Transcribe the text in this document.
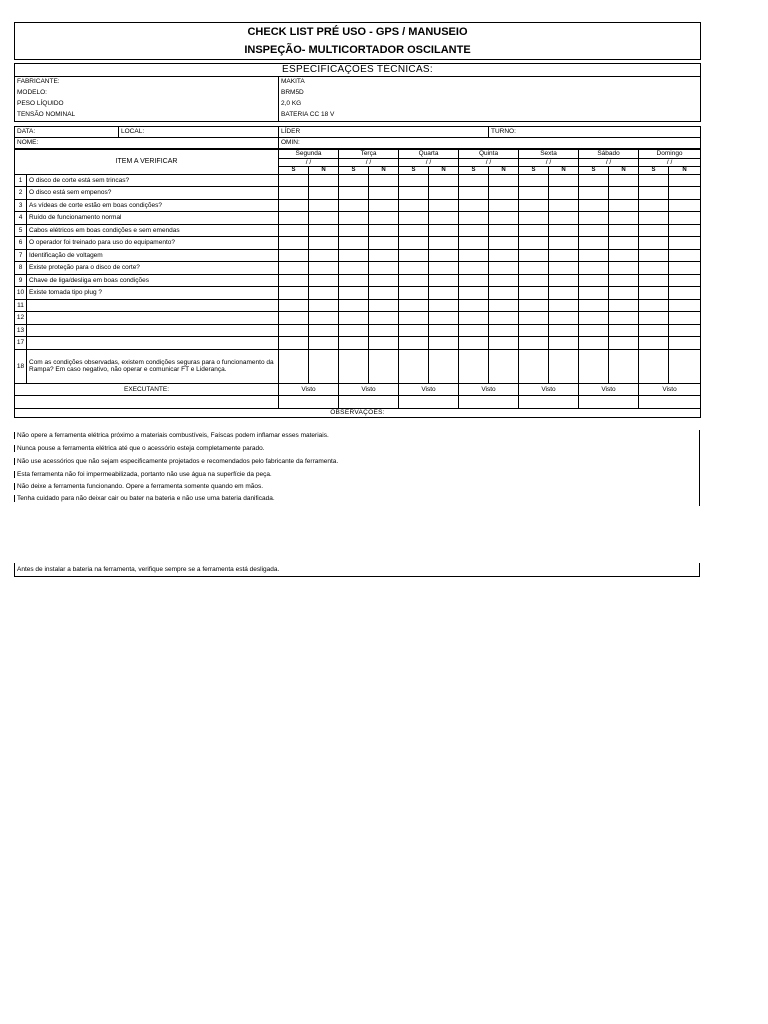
CHECK LIST PRÉ USO - GPS / MANUSEIO
INSPEÇÃO- MULTICORTADOR OSCILANTE
ESPECIFICAÇÕES TÉCNICAS:	
FABRICANTE:	MAKITA
MODELO:	BRM5D
PESO LÍQUIDO	2,0 KG
TENSÃO NOMINAL	BATERIA CC 18 V
DATA:	LOCAL:	LÍDER	TURNO:
NOME:		OMIN:	
ITEM A VERIFICAR		Segunda		Terça		Quarta		Quinta		Sexta		Sábado		Domingo	
		/ /		/ /		/ /		/ /		/ /		/ /		/ /	
		S	N	S	N	S	N	S	N	S	N	S	N	S	N
1	O disco de corte está sem trincas?														
2	O disco está sem empenos?														
3	As vídeas de corte estão em boas condições?														
4	Ruído de funcionamento normal														
5	Cabos elétricos em boas condições e sem emendas														
6	O operador foi treinado para uso do equipamento?														
7	Identificação de voltagem														
8	Existe proteção para o disco de corte?														
9	Chave de liga/desliga em boas condições														
10	Existe tomada tipo plug ?														
11															
12															
13															
17															
18	Com as condições observadas, existem condições seguras para o funcionamento da Rampa? Em caso negativo, não operar e comunicar FT e Liderança.														
EXECUTANTE:		Visto		Visto		Visto		Visto		Visto		Visto		Visto	

OBSERVAÇÕES:															
Não opere a ferramenta elétrica próximo a materiais combustíveis, Faíscas podem inflamar esses materiais.
Nunca pouse a ferramenta elétrica até que o acessório esteja completamente parado.
Não use acessórios que não sejam especificamente projetados e recomendados pelo fabricante da ferramenta.
Esta ferramenta não foi impermeabilizada, portanto não use água na superfície da peça.
Não deixe a ferramenta funcionando. Opere a ferramenta somente quando em mãos.
Tenha cuidado para não deixar cair ou bater na bateria e não use uma bateria danificada.
Antes de instalar a bateria na ferramenta, verifique sempre se a ferramenta está desligada.
